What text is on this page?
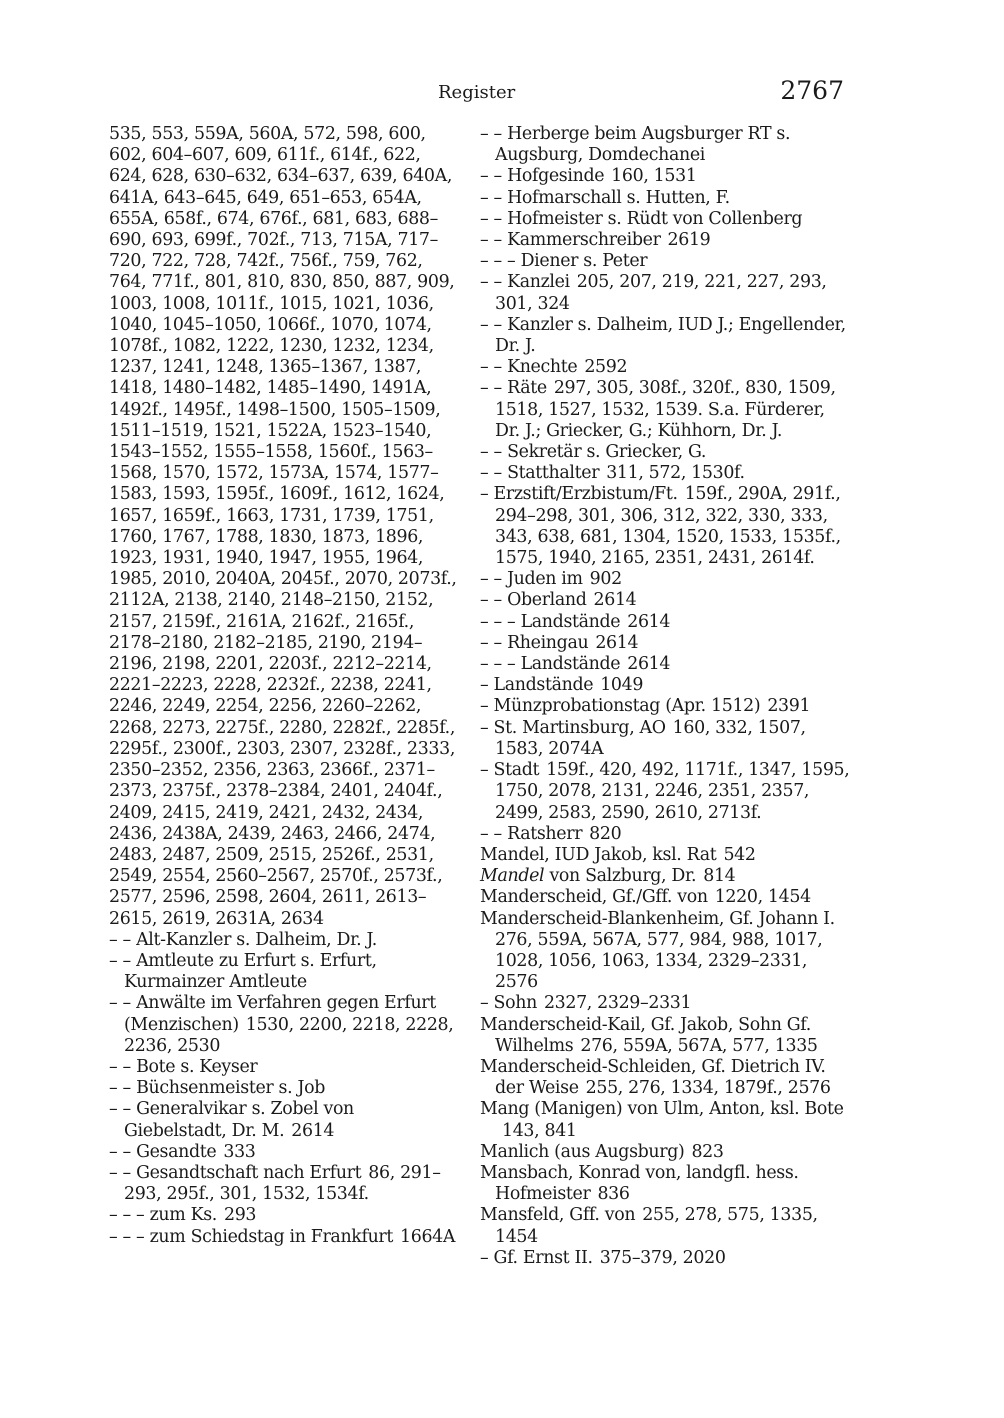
Register	2767
535, 553, 559A, 560A, 572, 598, 600, 602, 604–607, 609, 611f., 614f., 622, 624, 628, 630–632, 634–637, 639, 640A, 641A, 643–645, 649, 651–653, 654A, 655A, 658f., 674, 676f., 681, 683, 688–690, 693, 699f., 702f., 713, 715A, 717–720, 722, 728, 742f., 756f., 759, 762, 764, 771f., 801, 810, 830, 850, 887, 909, 1003, 1008, 1011f., 1015, 1021, 1036, 1040, 1045–1050, 1066f., 1070, 1074, 1078f., 1082, 1222, 1230, 1232, 1234, 1237, 1241, 1248, 1365–1367, 1387, 1418, 1480–1482, 1485–1490, 1491A, 1492f., 1495f., 1498–1500, 1505–1509, 1511–1519, 1521, 1522A, 1523–1540, 1543–1552, 1555–1558, 1560f., 1563–1568, 1570, 1572, 1573A, 1574, 1577–1583, 1593, 1595f., 1609f., 1612, 1624, 1657, 1659f., 1663, 1731, 1739, 1751, 1760, 1767, 1788, 1830, 1873, 1896, 1923, 1931, 1940, 1947, 1955, 1964, 1985, 2010, 2040A, 2045f., 2070, 2073f., 2112A, 2138, 2140, 2148–2150, 2152, 2157, 2159f., 2161A, 2162f., 2165f., 2178–2180, 2182–2185, 2190, 2194–2196, 2198, 2201, 2203f., 2212–2214, 2221–2223, 2228, 2232f., 2238, 2241, 2246, 2249, 2254, 2256, 2260–2262, 2268, 2273, 2275f., 2280, 2282f., 2285f., 2295f., 2300f., 2303, 2307, 2328f., 2333, 2350–2352, 2356, 2363, 2366f., 2371–2373, 2375f., 2378–2384, 2401, 2404f., 2409, 2415, 2419, 2421, 2432, 2434, 2436, 2438A, 2439, 2463, 2466, 2474, 2483, 2487, 2509, 2515, 2526f., 2531, 2549, 2554, 2560–2567, 2570f., 2573f., 2577, 2596, 2598, 2604, 2611, 2613–2615, 2619, 2631A, 2634
– – Alt-Kanzler s. Dalheim, Dr. J.
– – Amtleute zu Erfurt s. Erfurt, Kurmainzer Amtleute
– – Anwälte im Verfahren gegen Erfurt (Menzischen) 1530, 2200, 2218, 2228, 2236, 2530
– – Bote s. Keyser
– – Büchsenmeister s. Job
– – Generalvikar s. Zobel von Giebelstadt, Dr. M. 2614
– – Gesandte 333
– – Gesandtschaft nach Erfurt 86, 291–293, 295f., 301, 1532, 1534f.
– – – zum Ks. 293
– – – zum Schiedstag in Frankfurt 1664A
– – Herberge beim Augsburger RT s. Augsburg, Domdechanei
– – Hofgesinde 160, 1531
– – Hofmarschall s. Hutten, F.
– – Hofmeister s. Rüdt von Collenberg
– – Kammerschreiber 2619
– – – Diener s. Peter
– – Kanzlei 205, 207, 219, 221, 227, 293, 301, 324
– – Kanzler s. Dalheim, IUD J.; Engellender, Dr. J.
– – Knechte 2592
– – Räte 297, 305, 308f., 320f., 830, 1509, 1518, 1527, 1532, 1539. S.a. Fürderer, Dr. J.; Griecker, G.; Kühhorn, Dr. J.
– – Sekretär s. Griecker, G.
– – Statthalter 311, 572, 1530f.
– Erzstift/Erzbistum/Ft. 159f., 290A, 291f., 294–298, 301, 306, 312, 322, 330, 333, 343, 638, 681, 1304, 1520, 1533, 1535f., 1575, 1940, 2165, 2351, 2431, 2614f.
– – Juden im 902
– – Oberland 2614
– – – Landstände 2614
– – Rheingau 2614
– – – Landstände 2614
– Landstände 1049
– Münzprobationstag (Apr. 1512) 2391
– St. Martinsburg, AO 160, 332, 1507, 1583, 2074A
– Stadt 159f., 420, 492, 1171f., 1347, 1595, 1750, 2078, 2131, 2246, 2351, 2357, 2499, 2583, 2590, 2610, 2713f.
– – Ratsherr 820
Mandel, IUD Jakob, ksl. Rat 542
Mandel von Salzburg, Dr. 814
Manderscheid, Gf./Gff. von 1220, 1454
Manderscheid-Blankenheim, Gf. Johann I.276, 559A, 567A, 577, 984, 988, 1017, 1028, 1056, 1063, 1334, 2329–2331, 2576
– Sohn 2327, 2329–2331
Manderscheid-Kail, Gf. Jakob, Sohn Gf. Wilhelms 276, 559A, 567A, 577, 1335
Manderscheid-Schleiden, Gf. Dietrich IV. der Weise 255, 276, 1334, 1879f., 2576
Mang (Manigen) von Ulm, Anton, ksl. Bote143, 841
Manlich (aus Augsburg) 823
Mansbach, Konrad von, landgfl. hess. Hofmeister 836
Mansfeld, Gff. von 255, 278, 575, 1335, 1454
– Gf. Ernst II. 375–379, 2020
